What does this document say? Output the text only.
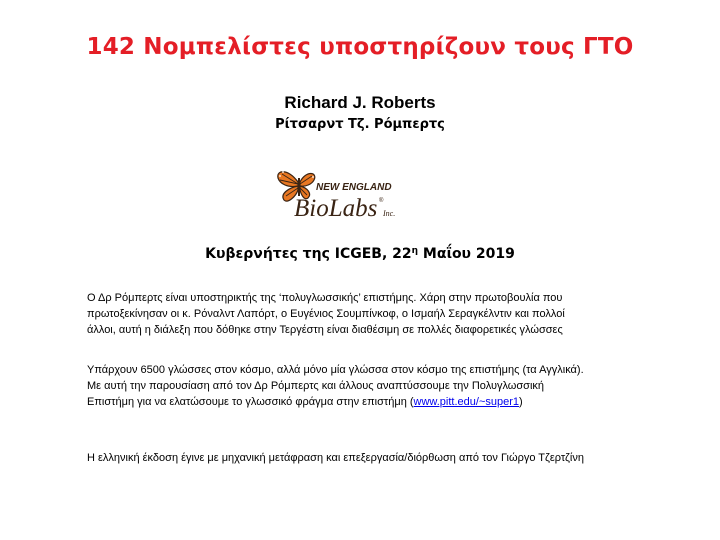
142 Νομπελίστες υποστηρίζουν τους ΓΤΟ
Richard J. Roberts
Ρίτσαρντ Τζ. Ρόμπερτς
NEW ENGLAND
BioLabs ®
Inc.
Κυβερνήτες της ICGEB, $22^\eta$ Μαΐου 2019
Ο Δρ Ρόμπερτς είναι υποστηρικτής της ‘πολυγλωσσικής’ επιστήμης. Χάρη στην πρωτοβουλία που
πρωτοξεκίνησαν οι κ. Ρόναλντ Λαπόρτ, ο Ευγένιος Σουμπίνκοφ, ο Ισμαήλ Σεραγκέλντιν και πολλοί
άλλοι, αυτή η διάλεξη που δόθηκε στην Τεργέστη είναι διαθέσιμη σε πολλές διαφορετικές γλώσσες
Υπάρχουν 6500 γλώσσες στον κόσμο, αλλά μόνο μία γλώσσα στον κόσμο της επιστήμης (τα Αγγλικά).
Με αυτή την παρουσίαση από τον Δρ Ρόμπερτς και άλλους αναπτύσσουμε την Πολυγλωσσική
Επιστήμη για να ελατώσουμε το γλωσσικό φράγμα στην επιστήμη (www.pitt.edu/~super1)
Η ελληνική έκδοση έγινε με μηχανική μετάφραση και επεξεργασία/διόρθωση από τον Γιώργο Τζερτζίνη
